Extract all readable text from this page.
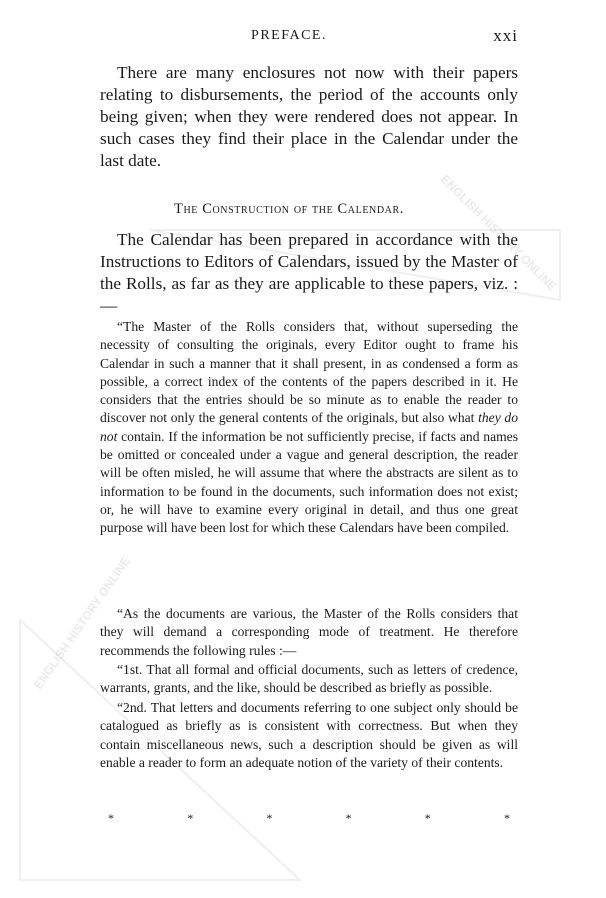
ENGLISH HISTORY ONLINE
ENGLISH HISTORY ONLINE
PREFACE.	xxi

There are many enclosures not now with their papers relating to disbursements, the period of the accounts only being given; when they were rendered does not appear. In such cases they find their place in the Calendar under the last date.

The Construction of the Calendar.

The Calendar has been prepared in accordance with the Instructions to Editors of Calendars, issued by the Master of the Rolls, as far as they are applicable to these papers, viz. :—

“The Master of the Rolls considers that, without superseding the necessity of consulting the originals, every Editor ought to frame his Calendar in such a manner that it shall present, in as condensed a form as possible, a correct index of the contents of the papers described in it. He considers that the entries should be so minute as to enable the reader to discover not only the general contents of the originals, but also what they do not contain. If the information be not sufficiently precise, if facts and names be omitted or concealed under a vague and general description, the reader will be often misled, he will assume that where the abstracts are silent as to information to be found in the documents, such information does not exist; or, he will have to examine every original in detail, and thus one great purpose will have been lost for which these Calendars have been compiled.

“As the documents are various, the Master of the Rolls considers that they will demand a corresponding mode of treatment. He therefore recommends the following rules :—

“1st. That all formal and official documents, such as letters of credence, warrants, grants, and the like, should be described as briefly as possible.

“2nd. That letters and documents referring to one subject only should be catalogued as briefly as is consistent with correctness. But when they contain miscellaneous news, such a description should be given as will enable a reader to form an adequate notion of the variety of their contents.

*	*	*	*	*	*
